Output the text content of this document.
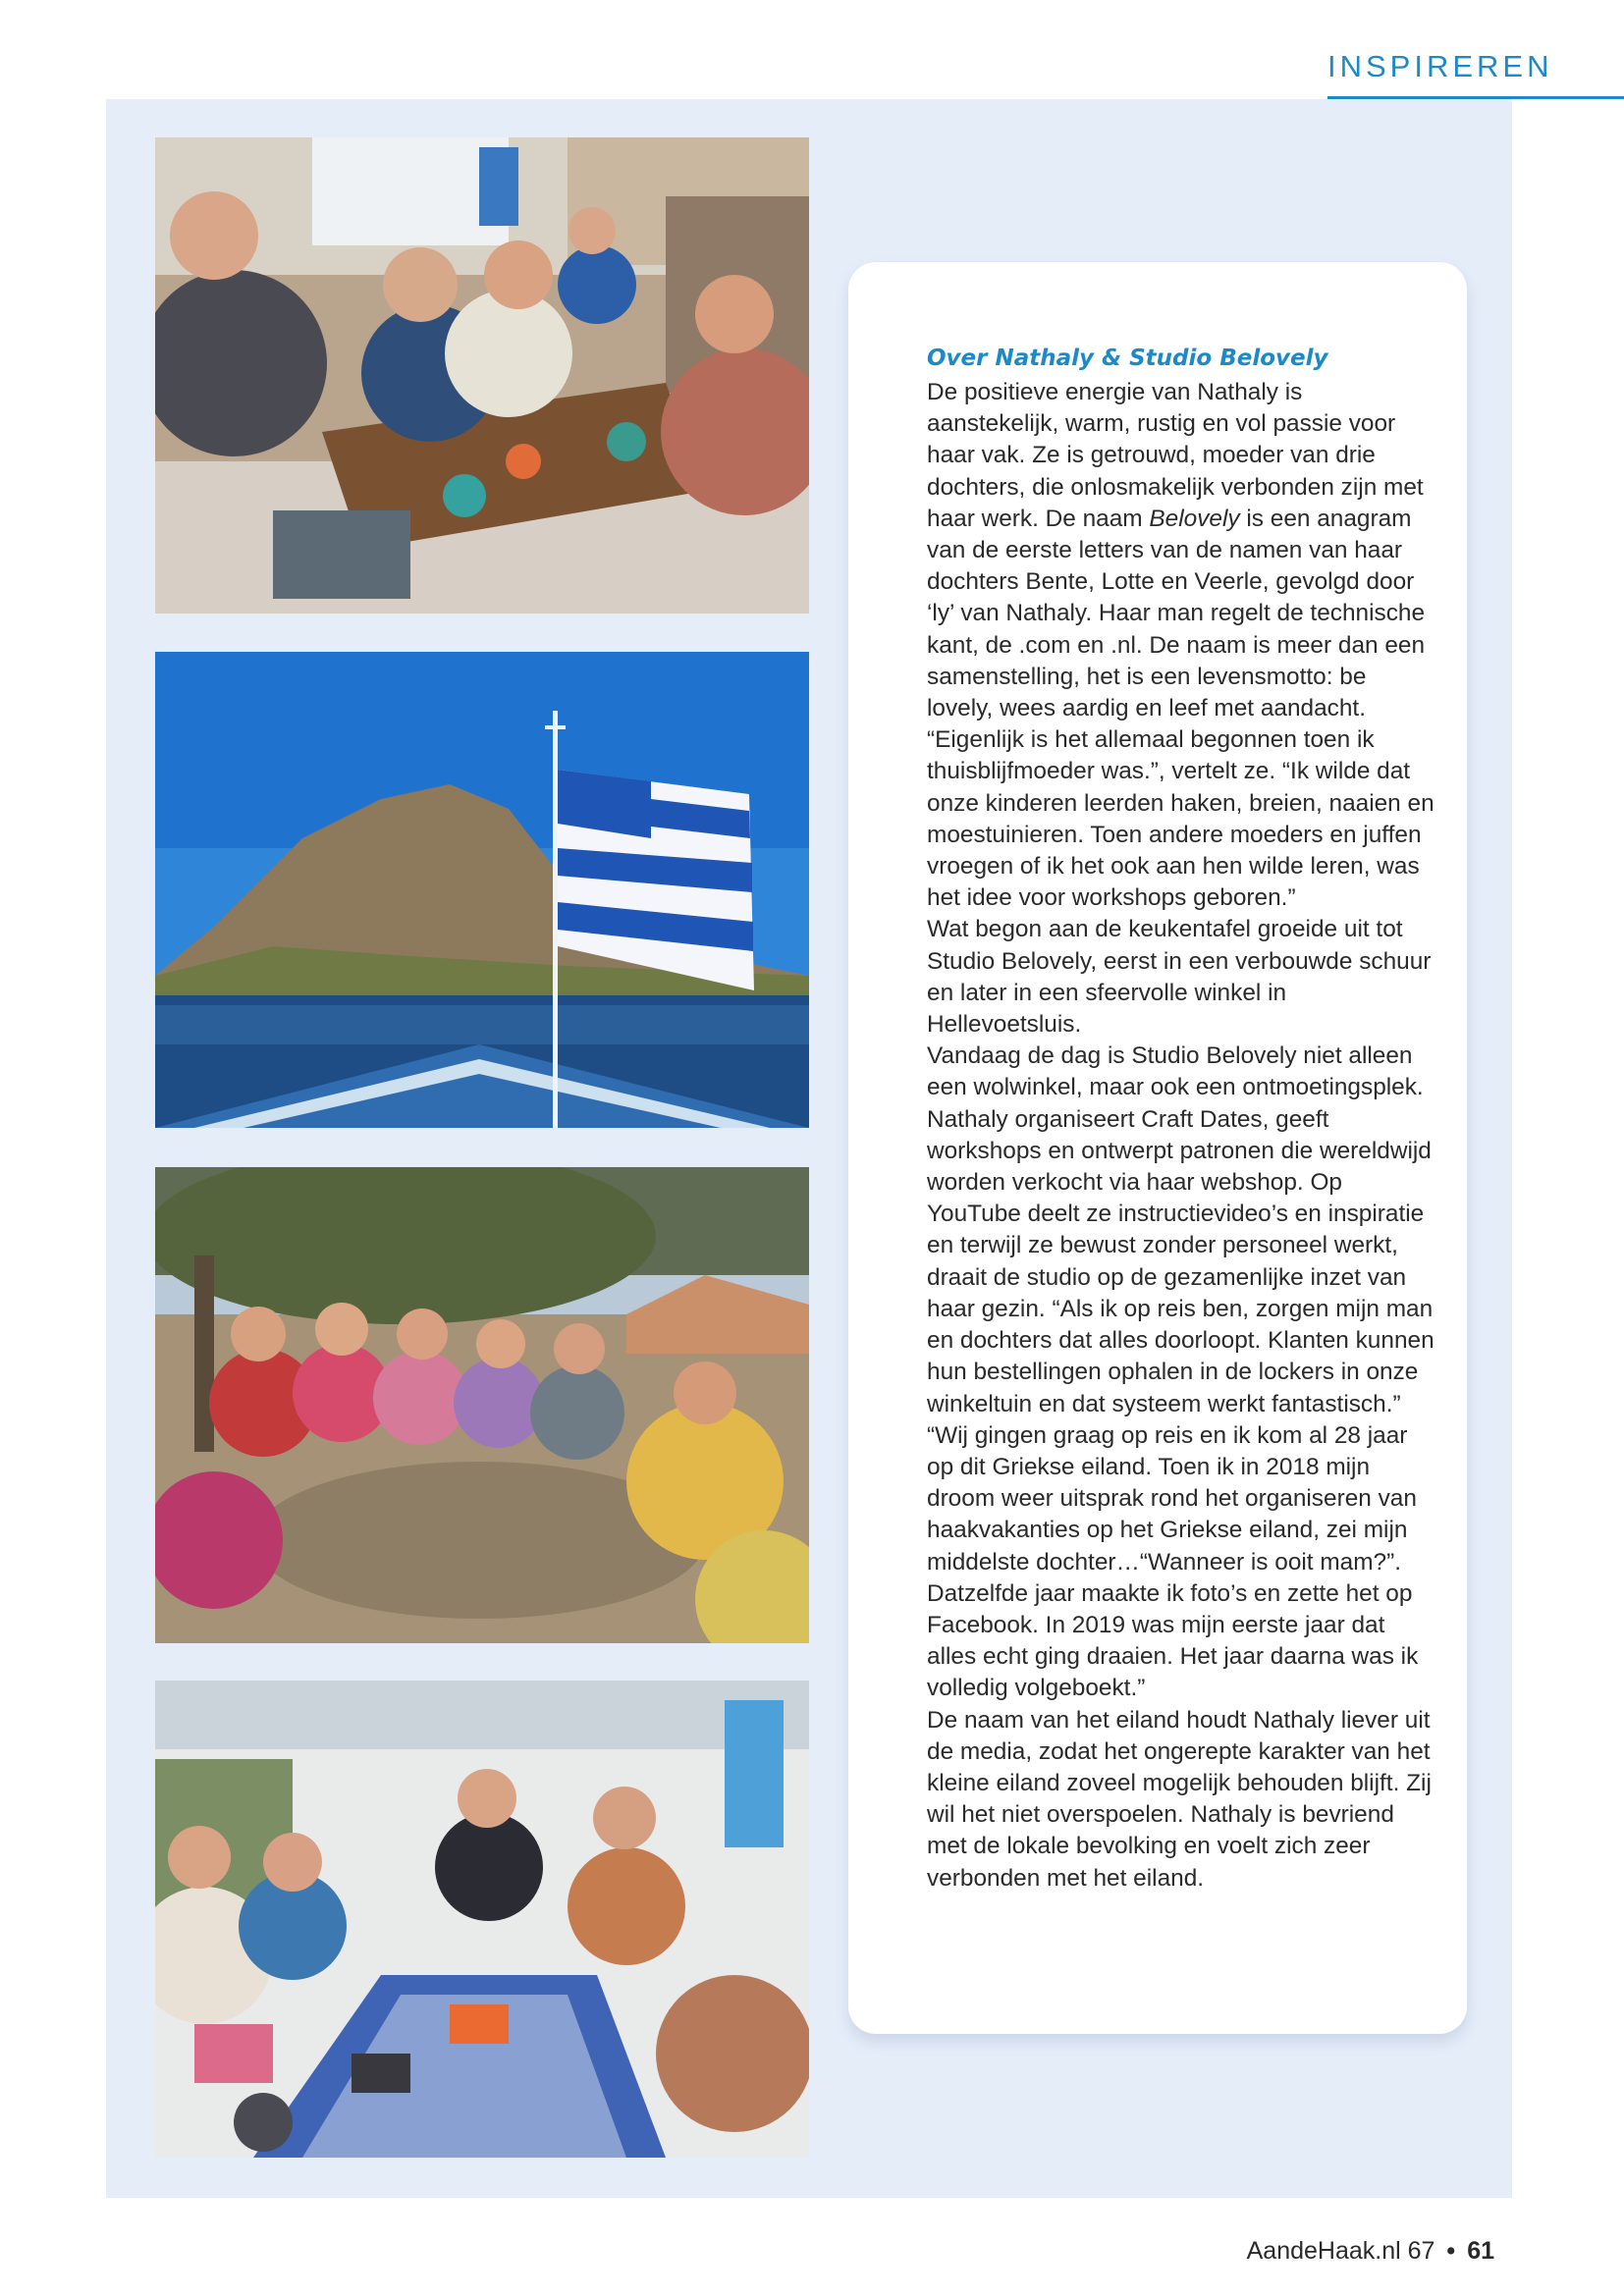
INSPIREREN
Over Nathaly & Studio Belovely

De positieve energie van Nathaly is aanstekelijk, warm, rustig en vol passie voor haar vak. Ze is getrouwd, moeder van drie dochters, die onlosmakelijk verbonden zijn met haar werk. De naam Belovely is een anagram van de eerste letters van de namen van haar dochters Bente, Lotte en Veerle, gevolgd door ‘ly’ van Nathaly. Haar man regelt de technische kant, de .com en .nl. De naam is meer dan een samenstelling, het is een levensmotto: be lovely, wees aardig en leef met aandacht.

“Eigenlijk is het allemaal begonnen toen ik thuisblijfmoeder was.”, vertelt ze. “Ik wilde dat onze kinderen leerden haken, breien, naaien en moestuinieren. Toen andere moeders en juffen vroegen of ik het ook aan hen wilde leren, was het idee voor workshops geboren.”

Wat begon aan de keukentafel groeide uit tot Studio Belovely, eerst in een verbouwde schuur en later in een sfeervolle winkel in Hellevoetsluis.

Vandaag de dag is Studio Belovely niet alleen een wolwinkel, maar ook een ontmoetingsplek. Nathaly organiseert Craft Dates, geeft workshops en ontwerpt patronen die wereldwijd worden verkocht via haar webshop. Op YouTube deelt ze instructievideo’s en inspiratie en terwijl ze bewust zonder personeel werkt, draait de studio op de gezamenlijke inzet van haar gezin. “Als ik op reis ben, zorgen mijn man en dochters dat alles doorloopt. Klanten kunnen hun bestellingen ophalen in de lockers in onze winkeltuin en dat systeem werkt fantastisch.”

“Wij gingen graag op reis en ik kom al 28 jaar op dit Griekse eiland. Toen ik in 2018 mijn droom weer uitsprak rond het organiseren van haakvakanties op het Griekse eiland, zei mijn middelste dochter…“Wanneer is ooit mam?”. Datzelfde jaar maakte ik foto’s en zette het op Facebook. In 2019 was mijn eerste jaar dat alles echt ging draaien. Het jaar daarna was ik volledig volgeboekt.”

De naam van het eiland houdt Nathaly liever uit de media, zodat het ongerepte karakter van het kleine eiland zoveel mogelijk behouden blijft. Zij wil het niet overspoelen. Nathaly is bevriend met de lokale bevolking en voelt zich zeer verbonden met het eiland.

AandeHaak.nl 67 • 61
